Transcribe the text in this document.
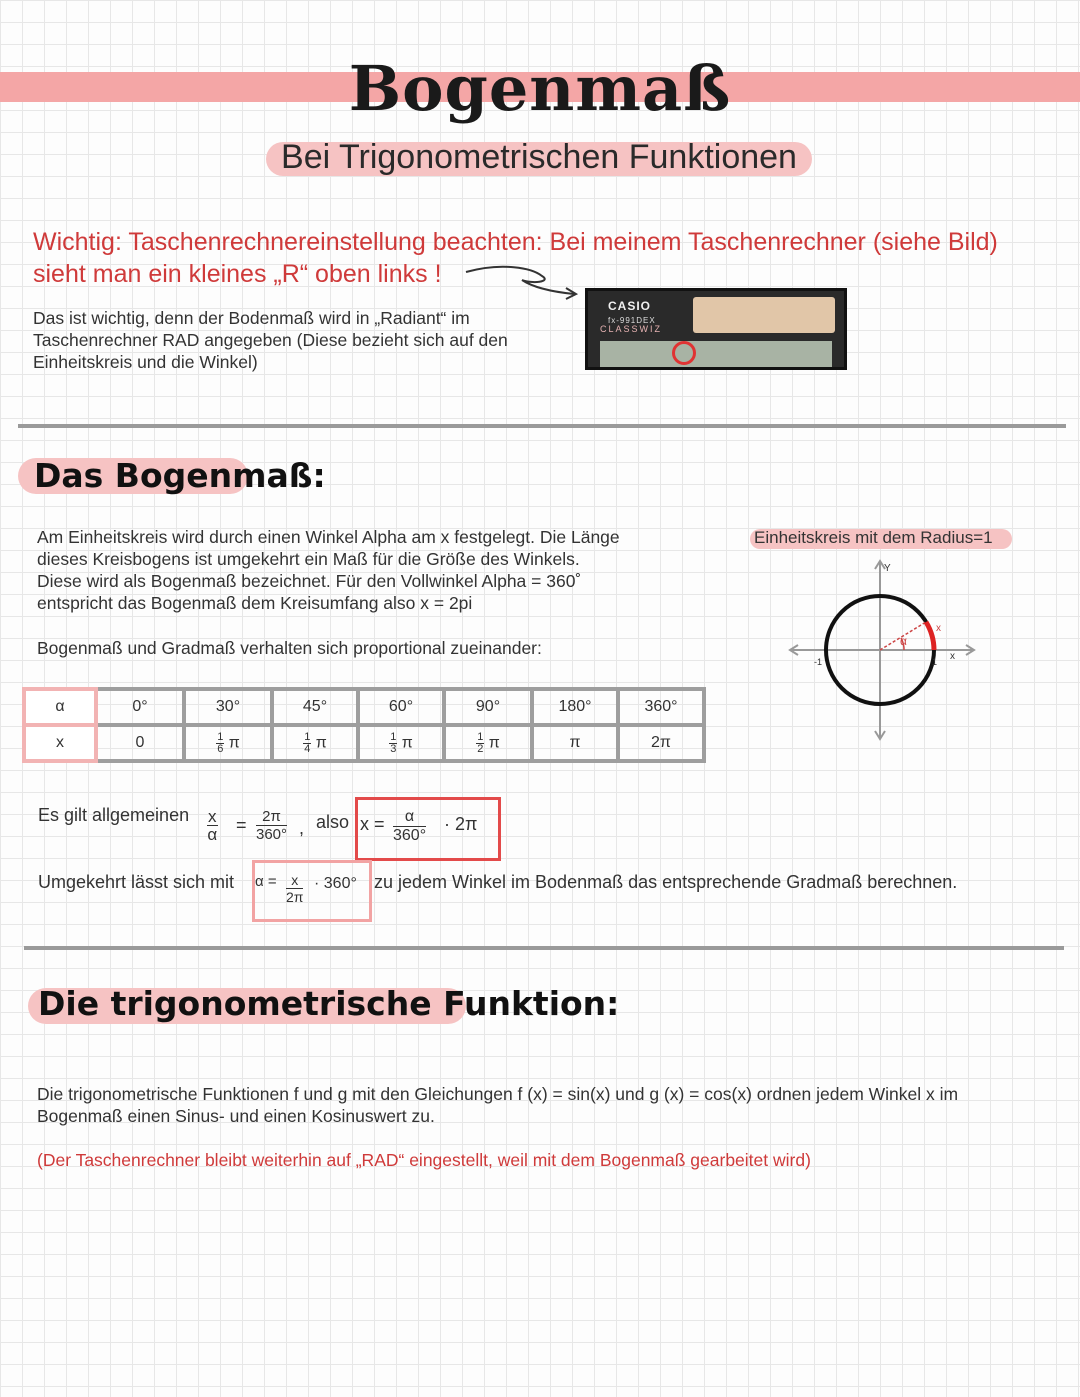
Bogenmaß
Bei Trigonometrischen Funktionen
Wichtig: Taschenrechnereinstellung beachten: Bei meinem Taschenrechner (siehe Bild)
sieht man ein kleines „R“ oben links !
Das ist wichtig, denn der Bodenmaß wird in „Radiant“ im
Taschenrechner RAD angegeben (Diese bezieht sich auf den
Einheitskreis und die Winkel)
CASIO
fx-991DEX
CLASSWIZ
Das Bogenmaß:
Am Einheitskreis wird durch einen Winkel Alpha am x festgelegt. Die Länge
dieses Kreisbogens ist umgekehrt ein Maß für die Größe des Winkels.
Diese wird als Bogenmaß bezeichnet. Für den Vollwinkel Alpha = 360˚
entspricht das Bogenmaß dem Kreisumfang also x = 2pi
Bogenmaß und Gradmaß verhalten sich proportional zueinander:
Einheitskreis mit dem Radius=1
x
Y
1
-1
α
x
α	0°	30°	45°	60°	90°	180°	360°
x	0	$\frac{1}{6}$ π	$\frac{1}{4}$ π	$\frac{1}{3}$ π	$\frac{1}{2}$ π	π	2π
Es gilt allgemeinen $\frac{x}{\alpha} = \frac{2\pi}{360^\circ}$ , also $x = \frac{\alpha}{360^\circ} \cdot 2\pi$
Umgekehrt lässt sich mit $\alpha = \frac{x}{2\pi} \cdot 360^\circ$ zu jedem Winkel im Bodenmaß das entsprechende Gradmaß berechnen.
Die trigonometrische Funktion:
Die trigonometrische Funktionen f und g mit den Gleichungen f (x) = sin(x) und g (x) = cos(x) ordnen jedem Winkel x im
Bogenmaß einen Sinus- und einen Kosinuswert zu.
(Der Taschenrechner bleibt weiterhin auf „RAD“ eingestellt, weil mit dem Bogenmaß gearbeitet wird)
